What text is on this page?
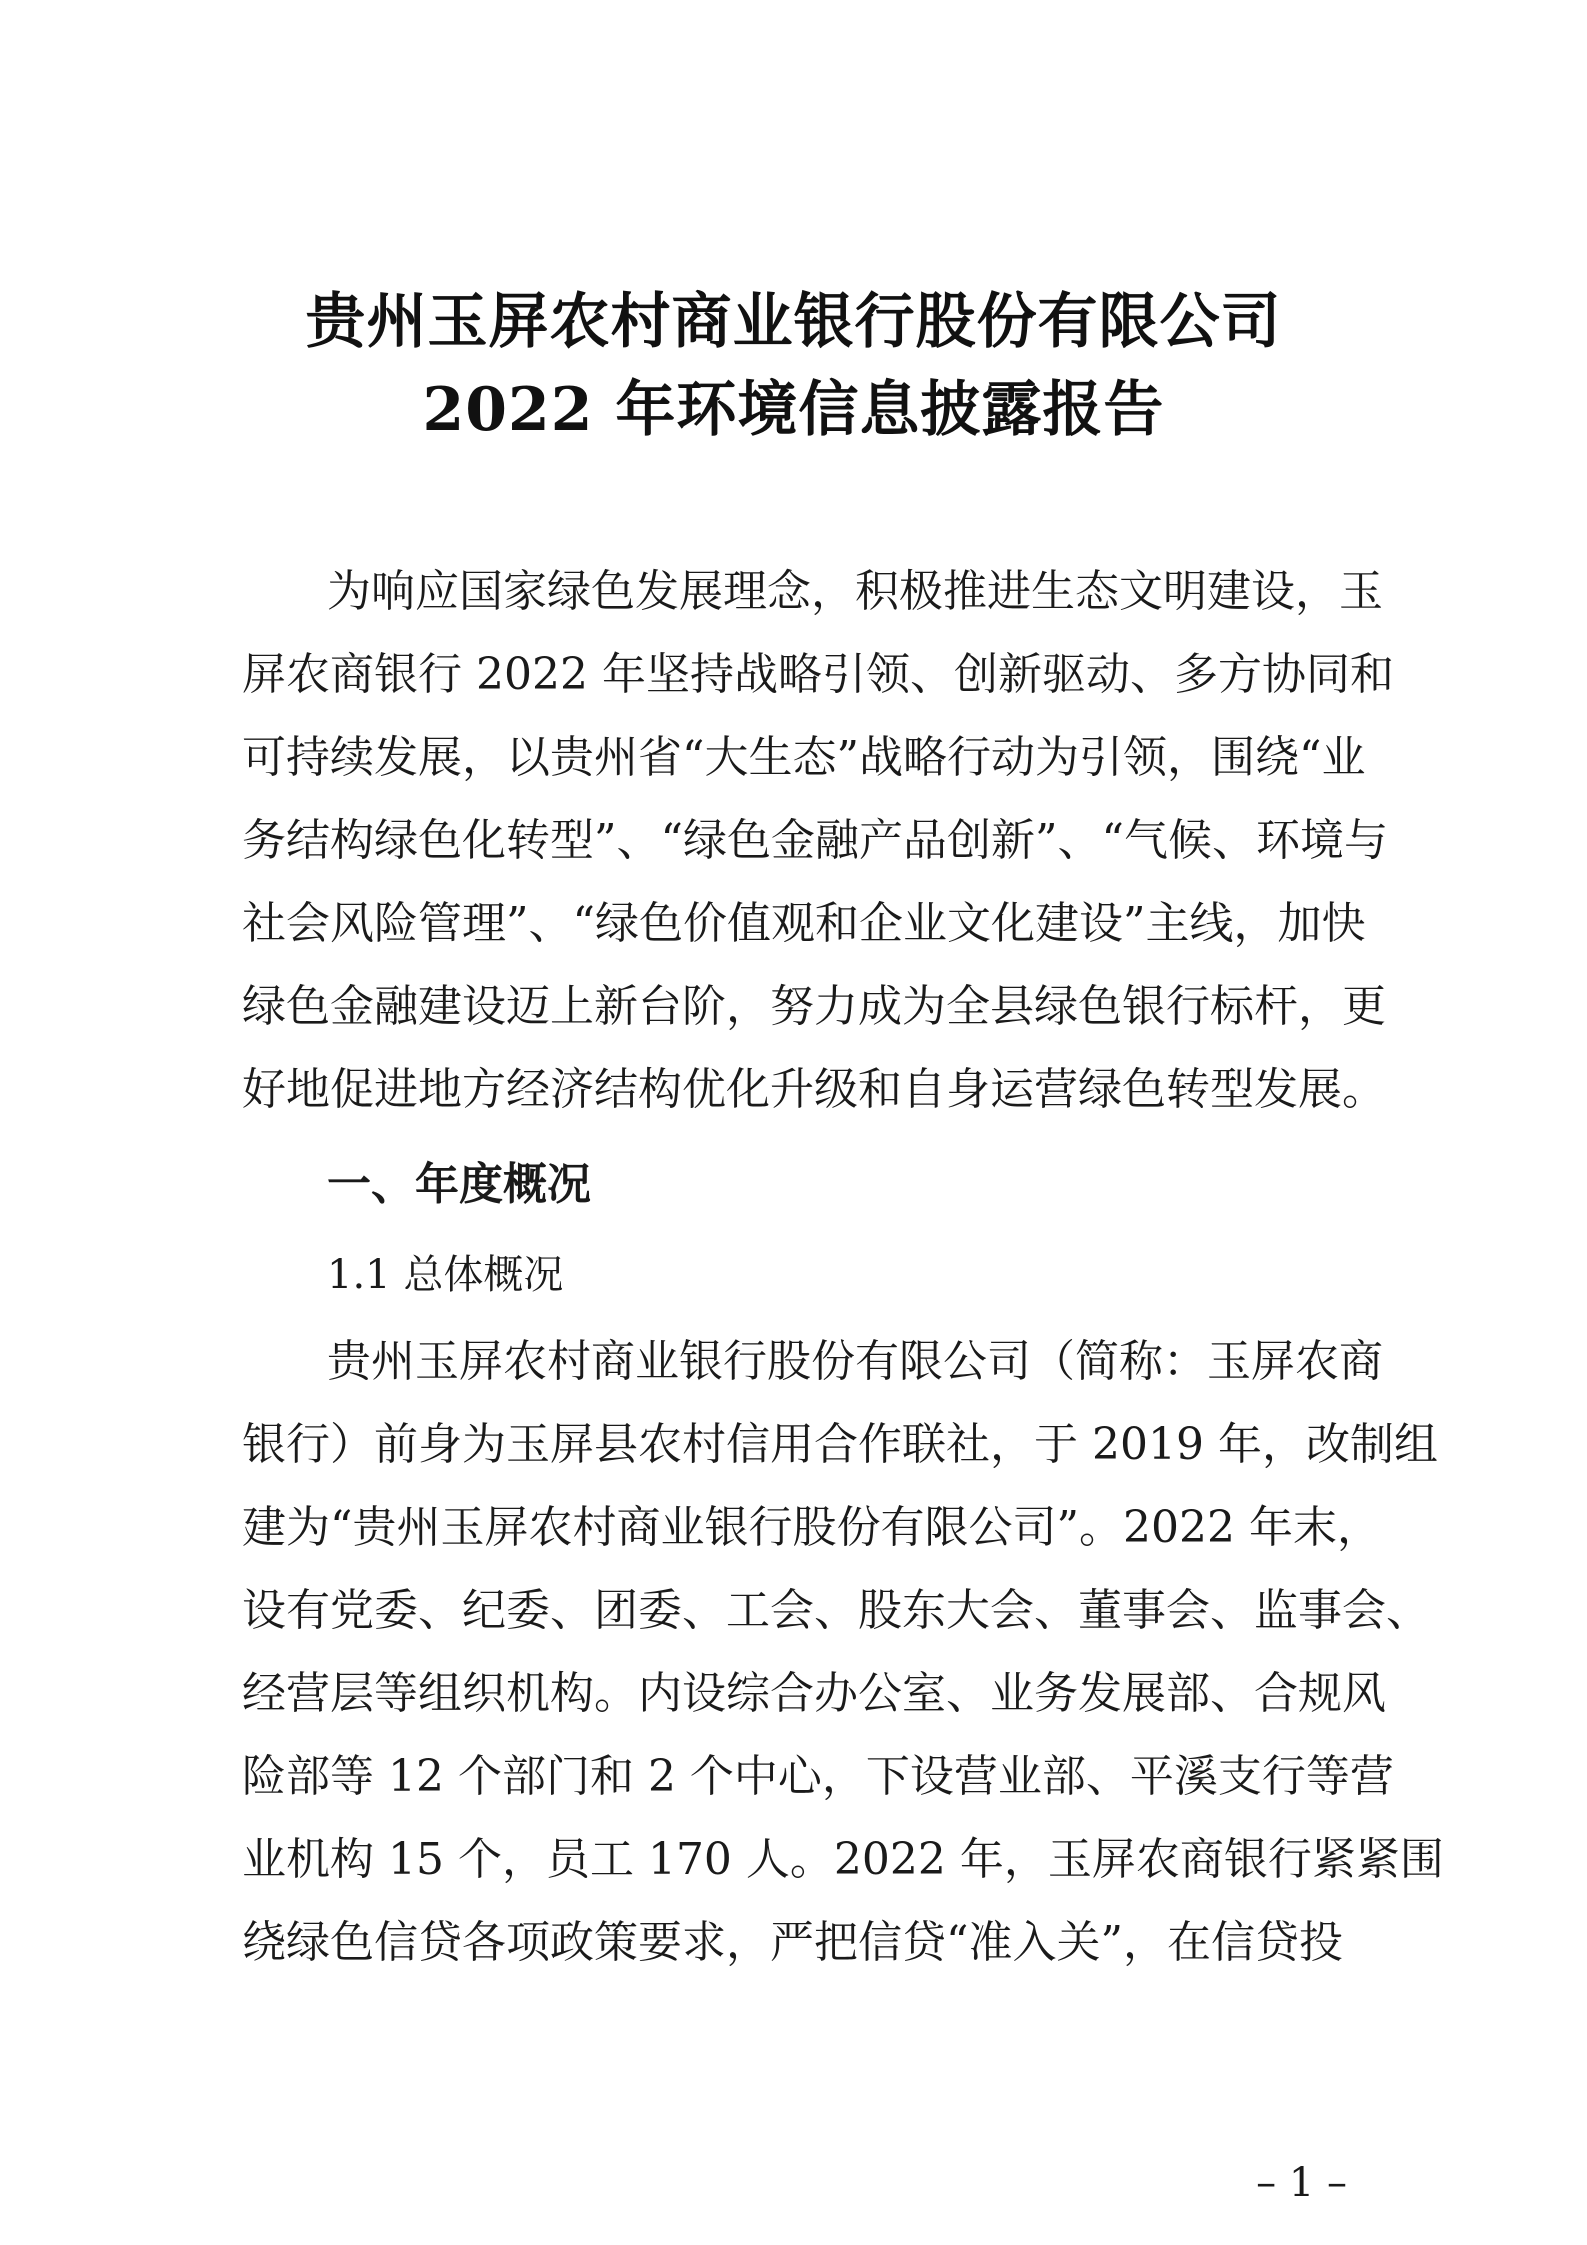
贵州玉屏农村商业银行股份有限公司
2022 年环境信息披露报告
为响应国家绿色发展理念，积极推进生态文明建设，玉
屏农商银行 2022 年坚持战略引领、创新驱动、多方协同和
可持续发展，以贵州省“大生态”战略行动为引领，围绕“业
务结构绿色化转型”、“绿色金融产品创新”、“气候、环境与
社会风险管理”、“绿色价值观和企业文化建设”主线，加快
绿色金融建设迈上新台阶，努力成为全县绿色银行标杆，更
好地促进地方经济结构优化升级和自身运营绿色转型发展。
一、年度概况
1.1 总体概况
贵州玉屏农村商业银行股份有限公司（简称：玉屏农商
银行）前身为玉屏县农村信用合作联社，于 2019 年，改制组
建为“贵州玉屏农村商业银行股份有限公司”。2022 年末，
设有党委、纪委、团委、工会、股东大会、董事会、监事会、
经营层等组织机构。内设综合办公室、业务发展部、合规风
险部等 12 个部门和 2 个中心，下设营业部、平溪支行等营
业机构 15 个，员工 170 人。2022 年，玉屏农商银行紧紧围
绕绿色信贷各项政策要求，严把信贷“准入关”，在信贷投
– 1 –
